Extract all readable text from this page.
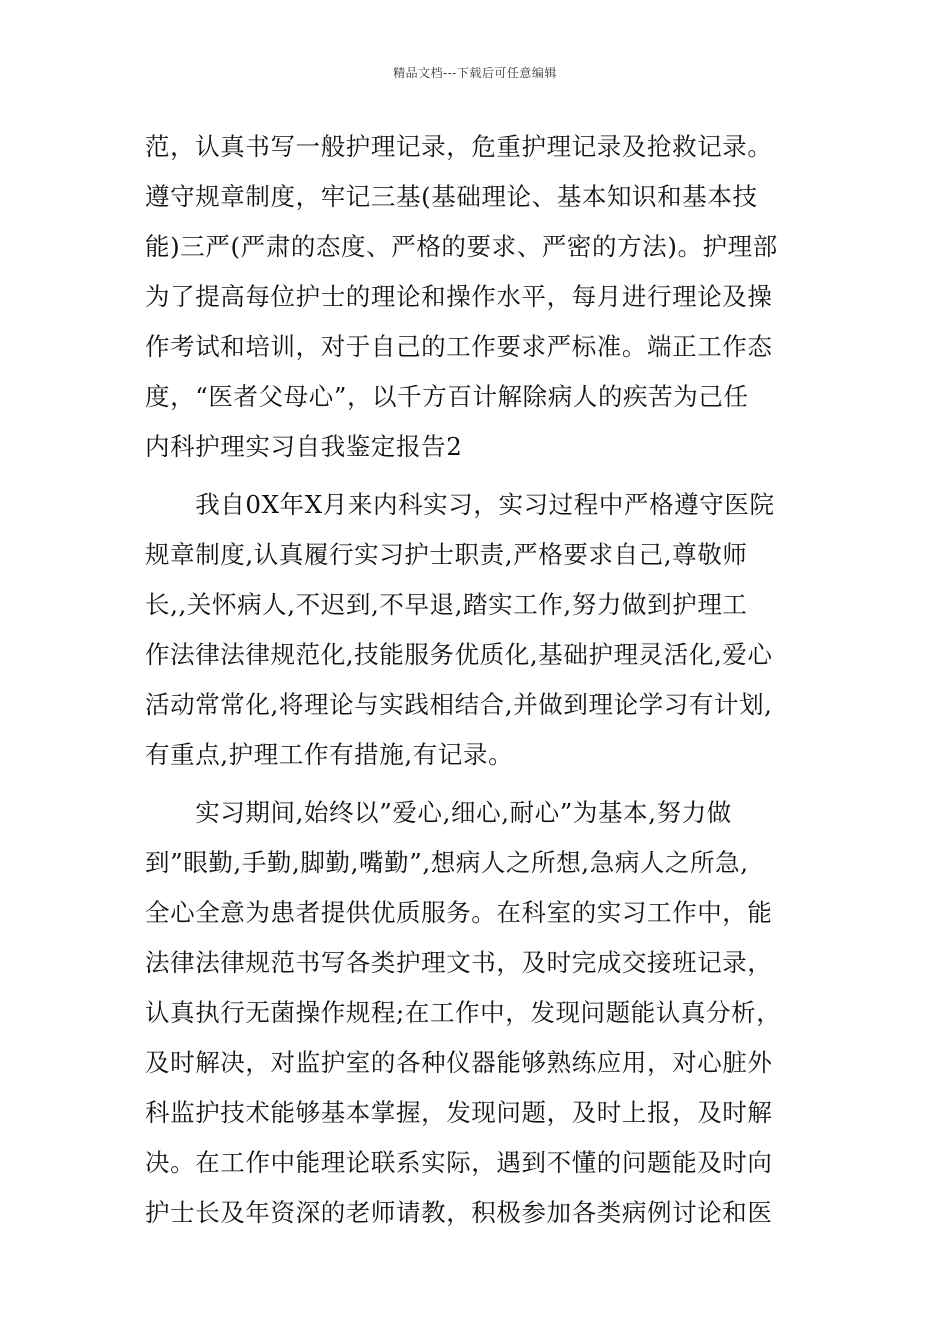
精品文档---下载后可任意编辑
范，认真书写一般护理记录，危重护理记录及抢救记录。
遵守规章制度，牢记三基(基础理论、基本知识和基本技
能)三严(严肃的态度、严格的要求、严密的方法)。护理部
为了提高每位护士的理论和操作水平，每月进行理论及操
作考试和培训，对于自己的工作要求严标准。端正工作态
度，“医者父母心”，以千方百计解除病人的疾苦为己任
内科护理实习自我鉴定报告2
　　我自0X年X月来内科实习，实习过程中严格遵守医院
规章制度,认真履行实习护士职责,严格要求自己,尊敬师
长,,关怀病人,不迟到,不早退,踏实工作,努力做到护理工
作法律法律规范化,技能服务优质化,基础护理灵活化,爱心
活动常常化,将理论与实践相结合,并做到理论学习有计划,
有重点,护理工作有措施,有记录。
　　实习期间,始终以”爱心,细心,耐心”为基本,努力做
到”眼勤,手勤,脚勤,嘴勤”,想病人之所想,急病人之所急,
全心全意为患者提供优质服务。在科室的实习工作中，能
法律法律规范书写各类护理文书，及时完成交接班记录，
认真执行无菌操作规程;在工作中，发现问题能认真分析，
及时解决，对监护室的各种仪器能够熟练应用，对心脏外
科监护技术能够基本掌握，发现问题，及时上报，及时解
决。在工作中能理论联系实际，遇到不懂的问题能及时向
护士长及年资深的老师请教，积极参加各类病例讨论和医
